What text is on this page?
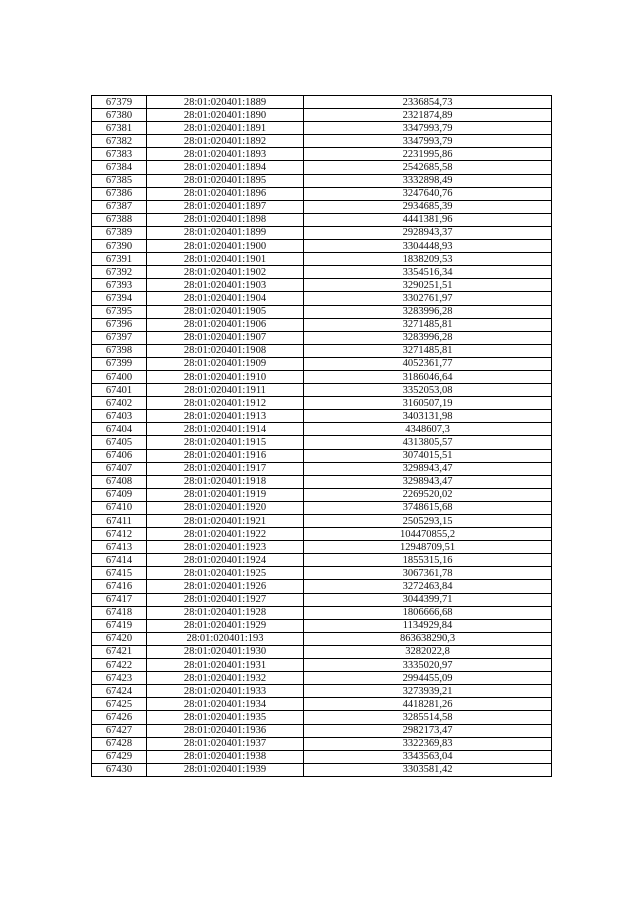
67379	28:01:020401:1889	2336854,73
67380	28:01:020401:1890	2321874,89
67381	28:01:020401:1891	3347993,79
67382	28:01:020401:1892	3347993,79
67383	28:01:020401:1893	2231995,86
67384	28:01:020401:1894	2542685,58
67385	28:01:020401:1895	3332898,49
67386	28:01:020401:1896	3247640,76
67387	28:01:020401:1897	2934685,39
67388	28:01:020401:1898	4441381,96
67389	28:01:020401:1899	2928943,37
67390	28:01:020401:1900	3304448,93
67391	28:01:020401:1901	1838209,53
67392	28:01:020401:1902	3354516,34
67393	28:01:020401:1903	3290251,51
67394	28:01:020401:1904	3302761,97
67395	28:01:020401:1905	3283996,28
67396	28:01:020401:1906	3271485,81
67397	28:01:020401:1907	3283996,28
67398	28:01:020401:1908	3271485,81
67399	28:01:020401:1909	4052361,77
67400	28:01:020401:1910	3186046,64
67401	28:01:020401:1911	3352053,08
67402	28:01:020401:1912	3160507,19
67403	28:01:020401:1913	3403131,98
67404	28:01:020401:1914	4348607,3
67405	28:01:020401:1915	4313805,57
67406	28:01:020401:1916	3074015,51
67407	28:01:020401:1917	3298943,47
67408	28:01:020401:1918	3298943,47
67409	28:01:020401:1919	2269520,02
67410	28:01:020401:1920	3748615,68
67411	28:01:020401:1921	2505293,15
67412	28:01:020401:1922	104470855,2
67413	28:01:020401:1923	12948709,51
67414	28:01:020401:1924	1855315,16
67415	28:01:020401:1925	3067361,78
67416	28:01:020401:1926	3272463,84
67417	28:01:020401:1927	3044399,71
67418	28:01:020401:1928	1806666,68
67419	28:01:020401:1929	1134929,84
67420	28:01:020401:193	863638290,3
67421	28:01:020401:1930	3282022,8
67422	28:01:020401:1931	3335020,97
67423	28:01:020401:1932	2994455,09
67424	28:01:020401:1933	3273939,21
67425	28:01:020401:1934	4418281,26
67426	28:01:020401:1935	3285514,58
67427	28:01:020401:1936	2982173,47
67428	28:01:020401:1937	3322369,83
67429	28:01:020401:1938	3343563,04
67430	28:01:020401:1939	3303581,42
